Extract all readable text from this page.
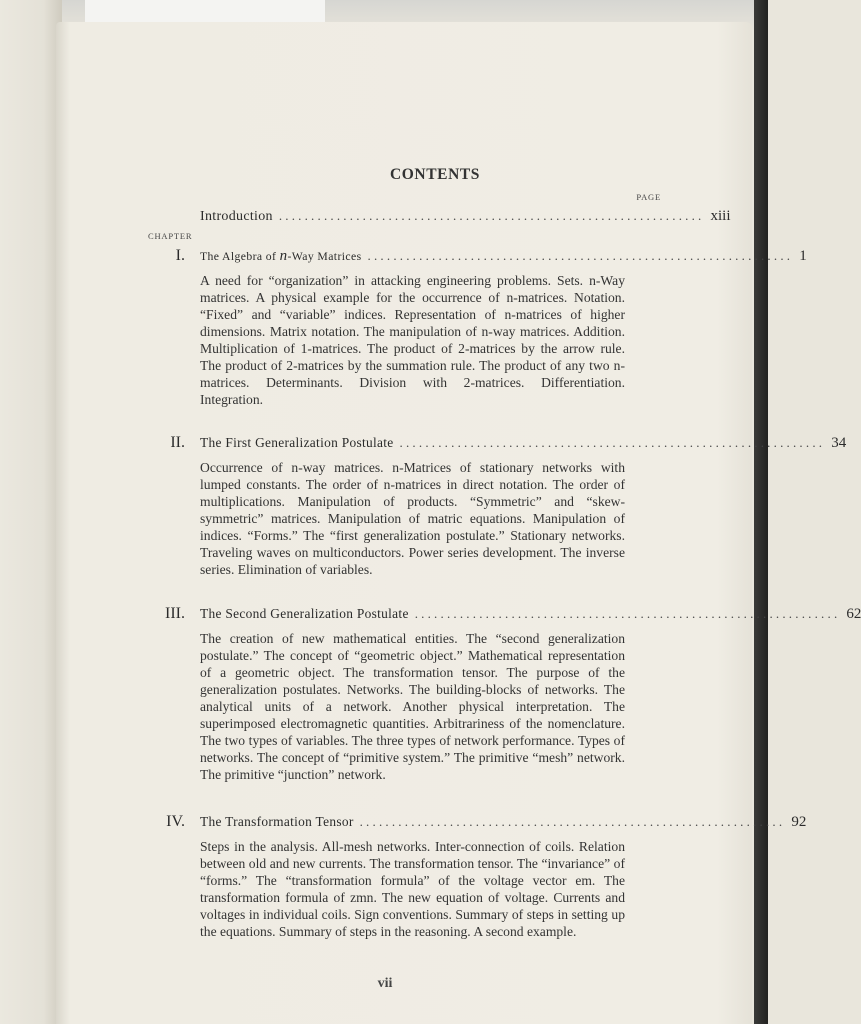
CONTENTS
PAGE
Introduction .................................................................. xiii
CHAPTER
I. The Algebra of n-Way Matrices .................................................................. 1
A need for “organization” in attacking engineering problems. Sets. n-Way matrices. A physical example for the occurrence of n-matrices. Notation. “Fixed” and “variable” indices. Representation of n-matrices of higher dimensions. Matrix notation. The manipulation of n-way matrices. Addition. Multiplication of 1-matrices. The product of 2-matrices by the arrow rule. The product of 2-matrices by the summation rule. The product of any two n-matrices. Determinants. Division with 2-matrices. Differentiation. Integration.
II. The First Generalization Postulate .................................................................. 34
Occurrence of n-way matrices. n-Matrices of stationary networks with lumped constants. The order of n-matrices in direct notation. The order of multiplications. Manipulation of products. “Symmetric” and “skew-symmetric” matrices. Manipulation of matric equations. Manipulation of indices. “Forms.” The “first generalization postulate.” Stationary networks. Traveling waves on multiconductors. Power series development. The inverse series. Elimination of variables.
III. The Second Generalization Postulate .................................................................. 62
The creation of new mathematical entities. The “second generalization postulate.” The concept of “geometric object.” Mathematical representation of a geometric object. The transformation tensor. The purpose of the generalization postulates. Networks. The building-blocks of networks. The analytical units of a network. Another physical interpretation. The superimposed electromagnetic quantities. Arbitrariness of the nomenclature. The two types of variables. The three types of network performance. Types of networks. The concept of “primitive system.” The primitive “mesh” network. The primitive “junction” network.
IV. The Transformation Tensor .................................................................. 92
Steps in the analysis. All-mesh networks. Inter-connection of coils. Relation between old and new currents. The transformation tensor. The “invariance” of “forms.” The “transformation formula” of the voltage vector em. The transformation formula of zmn. The new equation of voltage. Currents and voltages in individual coils. Sign conventions. Summary of steps in setting up the equations. Summary of steps in the reasoning. A second example.
vii
